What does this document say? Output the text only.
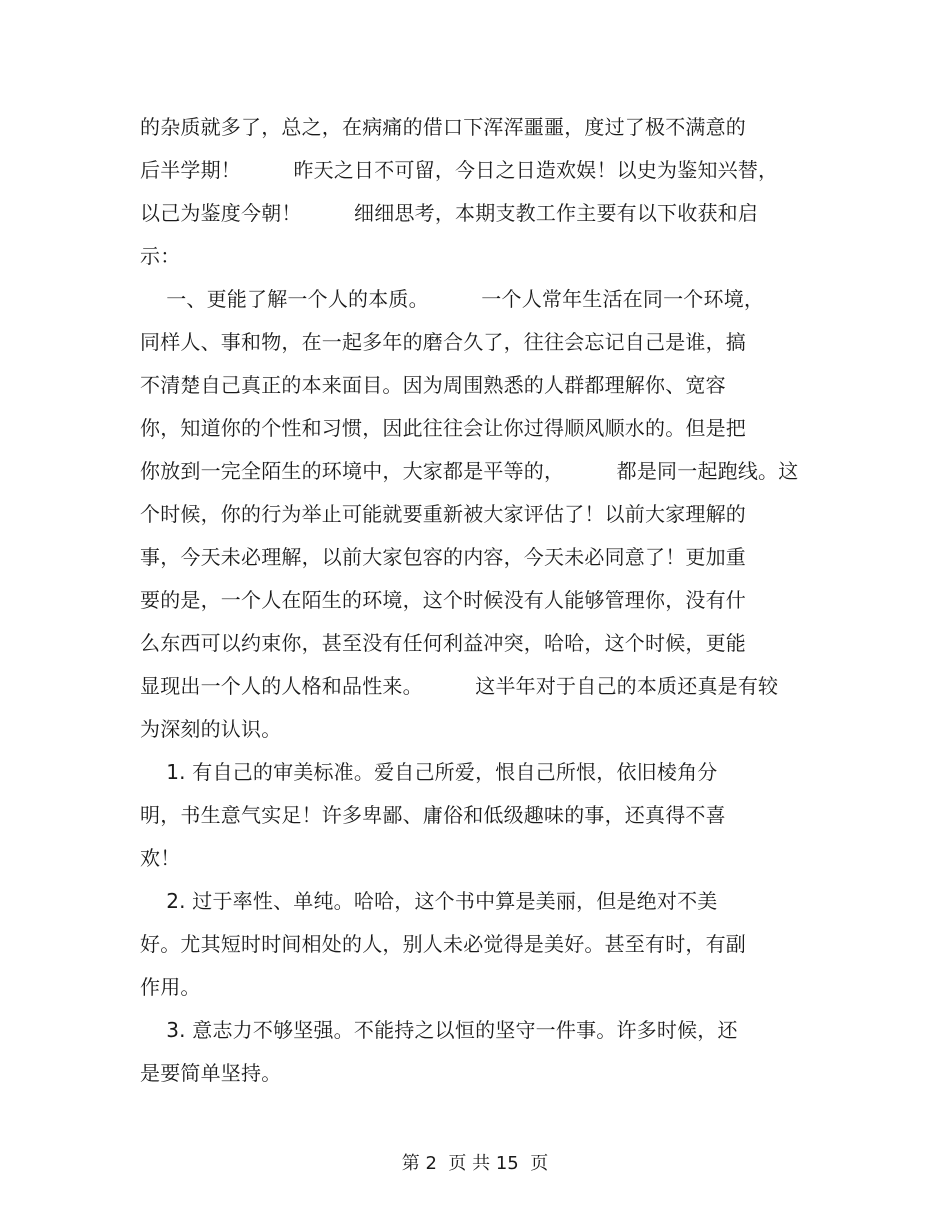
的杂质就多了，总之，在病痛的借口下浑浑噩噩，度过了极不满意的
后半学期！        昨天之日不可留，今日之日造欢娱！以史为鉴知兴替，
以己为鉴度今朝！        细细思考，本期支教工作主要有以下收获和启
示：
一、更能了解一个人的本质。        一个人常年生活在同一个环境，
同样人、事和物，在一起多年的磨合久了，往往会忘记自己是谁，搞
不清楚自己真正的本来面目。因为周围熟悉的人群都理解你、宽容
你，知道你的个性和习惯，因此往往会让你过得顺风顺水的。但是把
你放到一完全陌生的环境中，大家都是平等的，        都是同一起跑线。这
个时候，你的行为举止可能就要重新被大家评估了！以前大家理解的
事，今天未必理解，以前大家包容的内容，今天未必同意了！更加重
要的是，一个人在陌生的环境，这个时候没有人能够管理你，没有什
么东西可以约束你，甚至没有任何利益冲突，哈哈，这个时候，更能
显现出一个人的人格和品性来。        这半年对于自己的本质还真是有较
为深刻的认识。
1. 有自己的审美标准。爱自己所爱，恨自己所恨，依旧棱角分
明，书生意气实足！许多卑鄙、庸俗和低级趣味的事，还真得不喜
欢！
2. 过于率性、单纯。哈哈，这个书中算是美丽，但是绝对不美
好。尤其短时时间相处的人，别人未必觉得是美好。甚至有时，有副
作用。
3. 意志力不够坚强。不能持之以恒的坚守一件事。许多时候，还
是要简单坚持。
第 2  页 共 15  页
